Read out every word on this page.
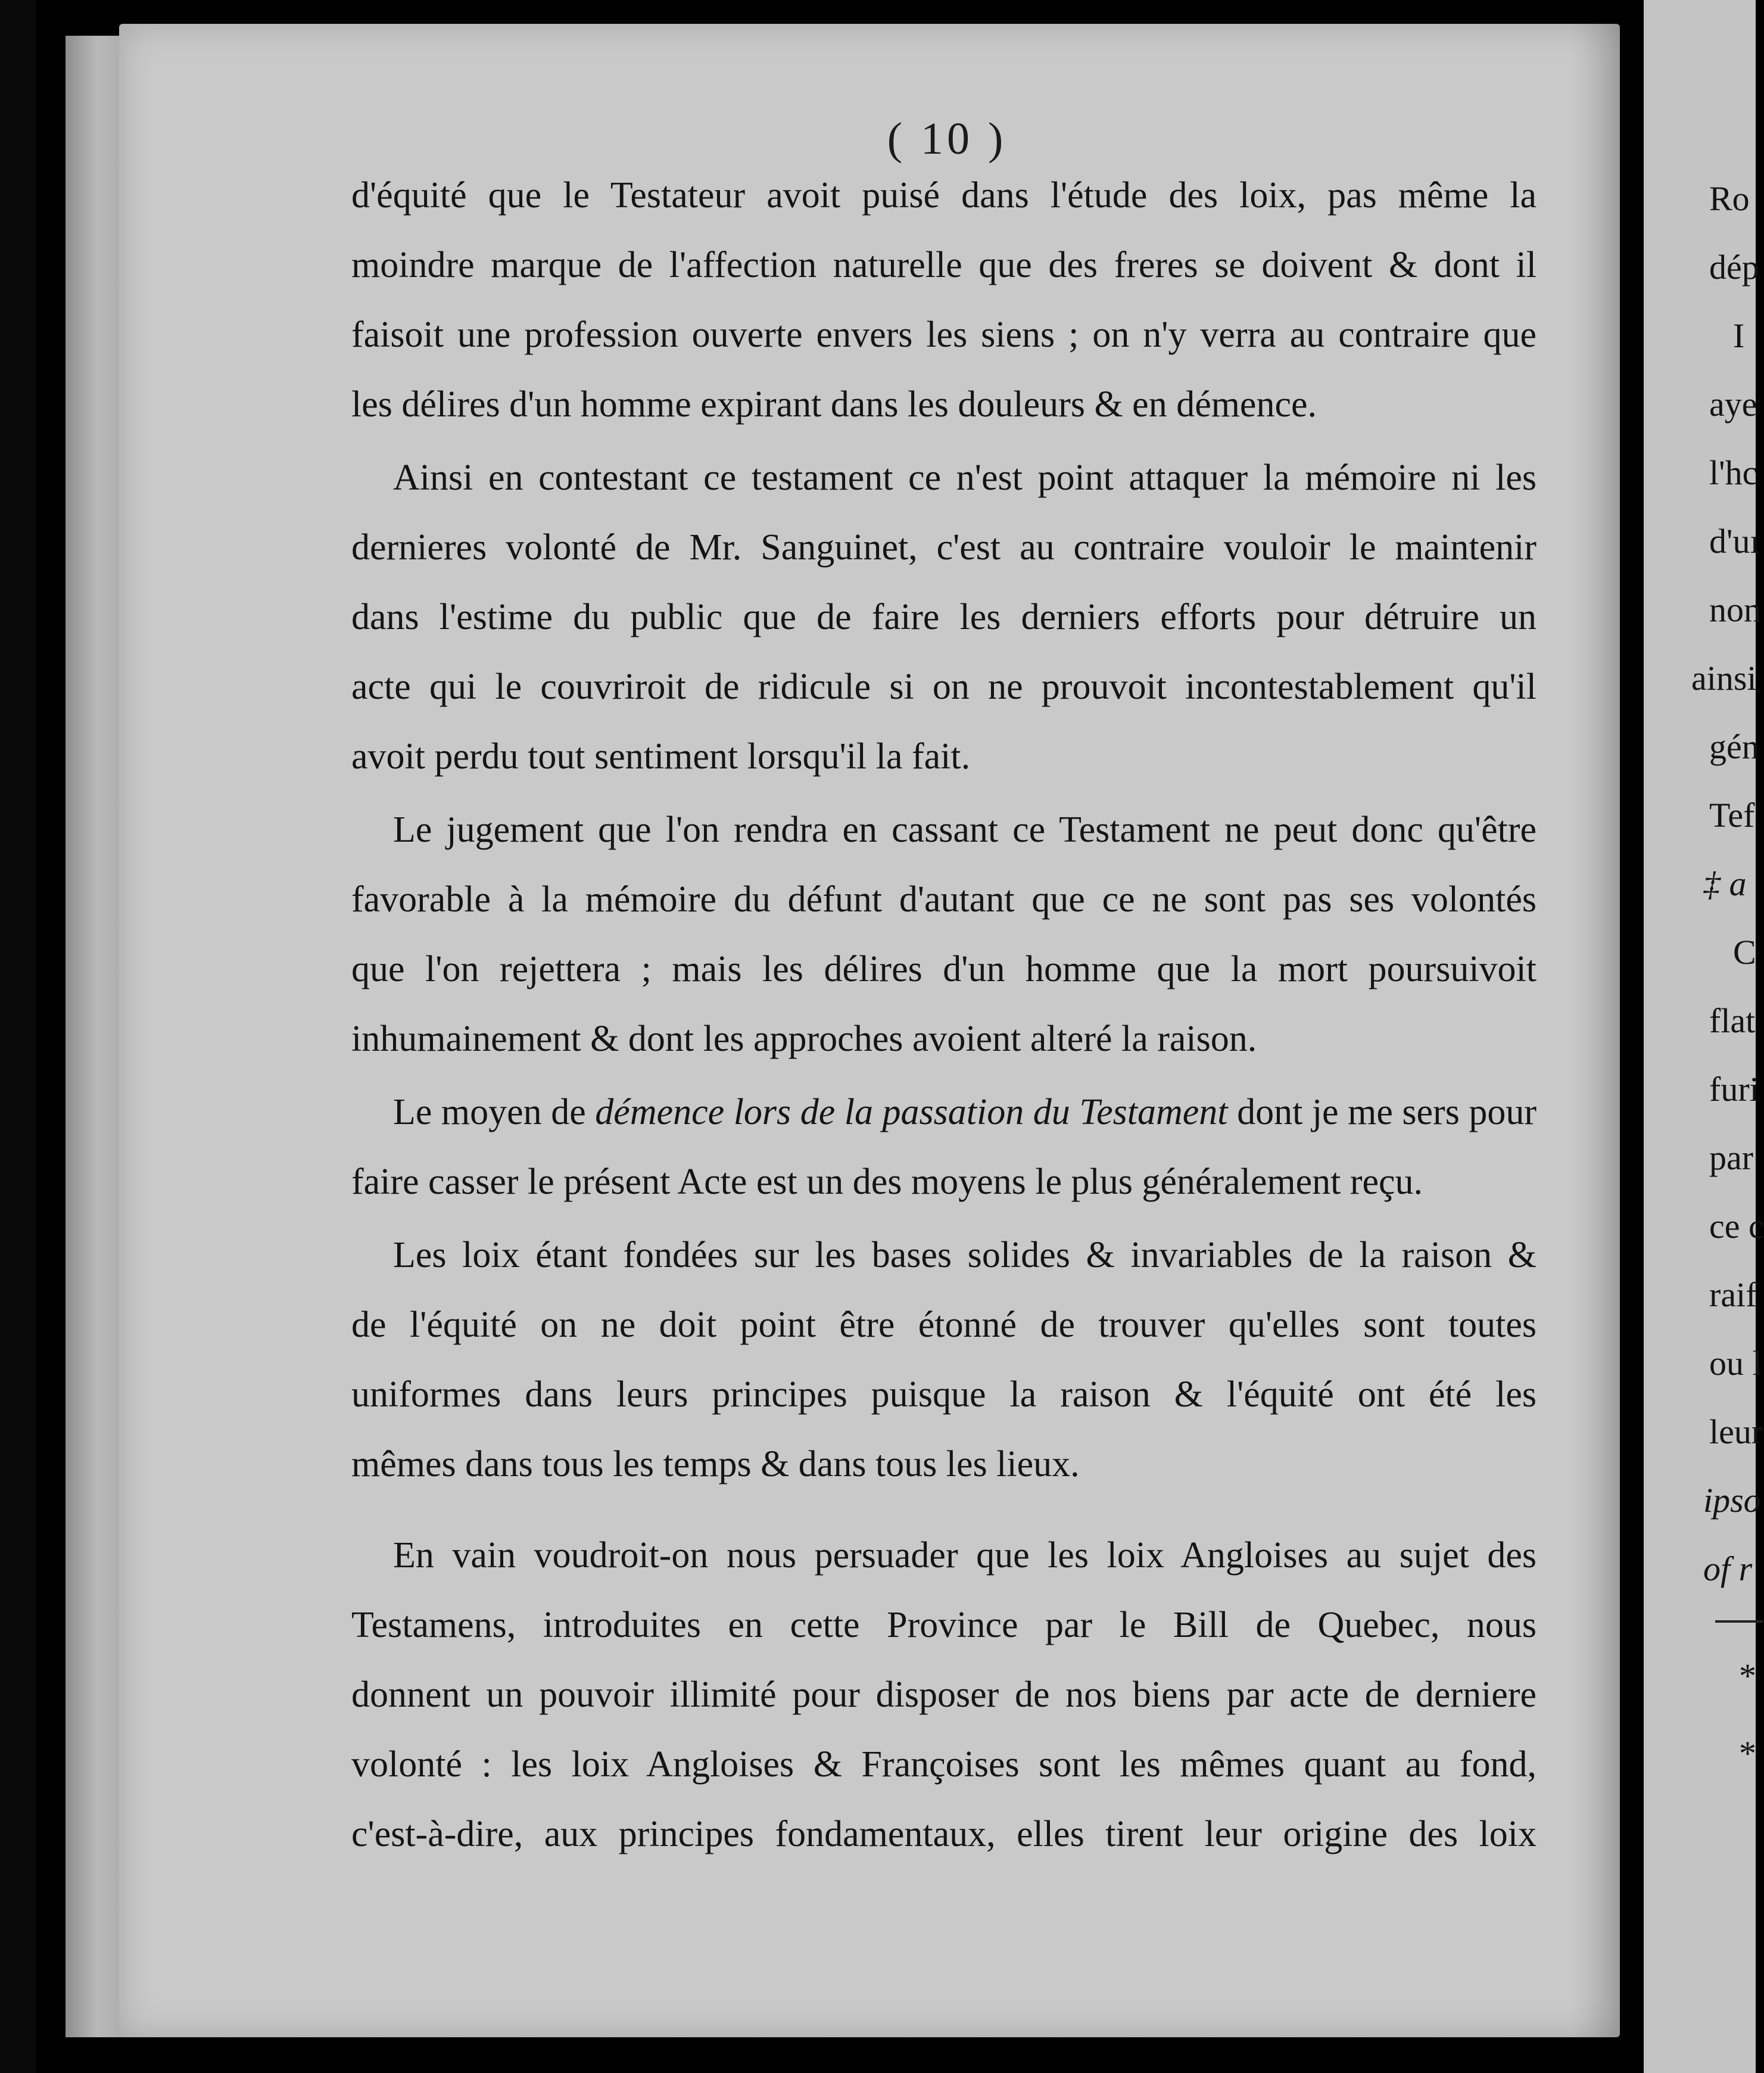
( 10 )
d'équité que le Testateur avoit puisé dans l'étude des loix, pas même la
moindre marque de l'affection naturelle que des freres se doivent & dont il
faisoit une profession ouverte envers les siens ; on n'y verra au contraire que
les délires d'un homme expirant dans les douleurs & en démence.
Ainsi en contestant ce testament ce n'est point attaquer la mémoire ni les
dernieres volonté de Mr. Sanguinet, c'est au contraire vouloir le maintenir
dans l'estime du public que de faire les derniers efforts pour détruire un
acte qui le couvriroit de ridicule si on ne prouvoit incontestablement qu'il
avoit perdu tout sentiment lorsqu'il la fait.
Le jugement que l'on rendra en cassant ce Testament ne peut donc qu'être
favorable à la mémoire du défunt d'autant que ce ne sont pas ses volontés
que l'on rejettera ; mais les délires d'un homme que la mort poursuivoit
inhumainement & dont les approches avoient alteré la raison.
Le moyen de démence lors de la passation du Testament dont je me sers pour
faire casser le présent Acte est un des moyens le plus généralement reçu.
Les loix étant fondées sur les bases solides & invariables de la raison &
de l'équité on ne doit point être étonné de trouver qu'elles sont toutes
uniformes dans leurs principes puisque la raison & l'équité ont été les
mêmes dans tous les temps & dans tous les lieux.
En vain voudroit-on nous persuader que les loix Angloises au sujet des
Testamens, introduites en cette Province par le Bill de Quebec, nous
donnent un pouvoir illimité pour disposer de nos biens par acte de derniere
volonté : les loix Angloises & Françoises sont les mêmes quant au fond,
c'est-à-dire, aux principes fondamentaux, elles tirent leur origine des loix
Ro
dép
I
aye
l'hc
d'uı
non
ainsi
gén
Tef
‡ a
C
flat
furi
par
ce c
raif
ou l
leur
ipso
of r
*
*
